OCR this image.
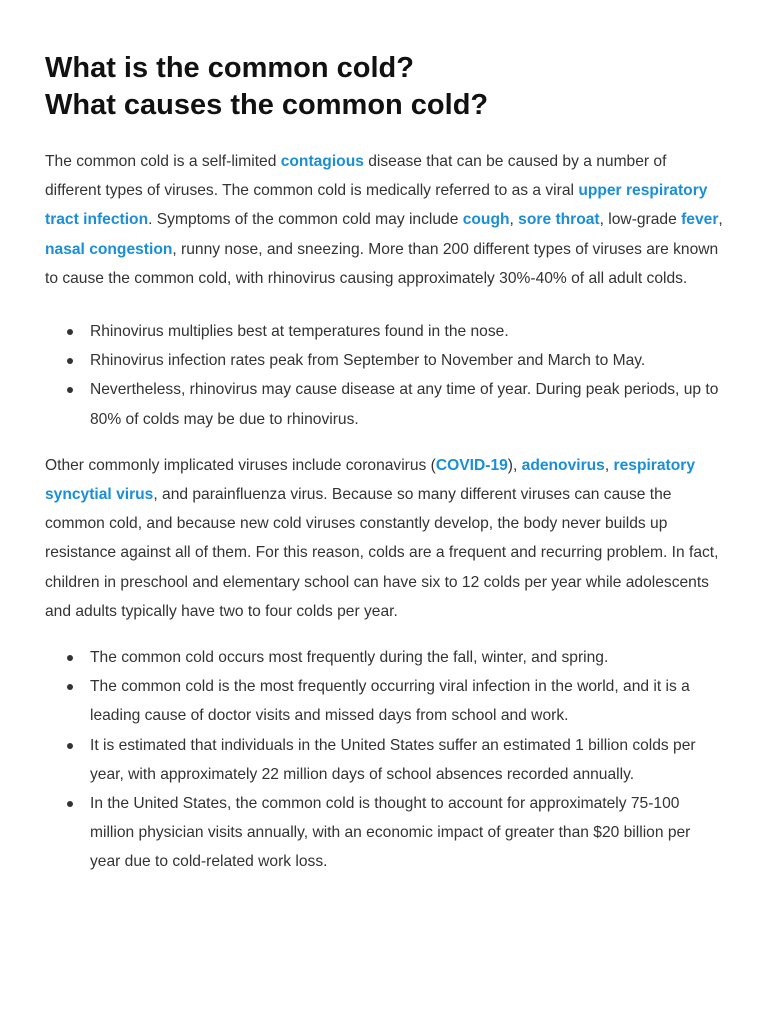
What is the common cold?
What causes the common cold?

The common cold is a self-limited contagious disease that can be caused by a number of different types of viruses. The common cold is medically referred to as a viral upper respiratory tract infection. Symptoms of the common cold may include cough, sore throat, low-grade fever, nasal congestion, runny nose, and sneezing. More than 200 different types of viruses are known to cause the common cold, with rhinovirus causing approximately 30%-40% of all adult colds.

Rhinovirus multiplies best at temperatures found in the nose.
Rhinovirus infection rates peak from September to November and March to May.
Nevertheless, rhinovirus may cause disease at any time of year. During peak periods, up to 80% of colds may be due to rhinovirus.

Other commonly implicated viruses include coronavirus (COVID-19), adenovirus, respiratory syncytial virus, and parainfluenza virus. Because so many different viruses can cause the common cold, and because new cold viruses constantly develop, the body never builds up resistance against all of them. For this reason, colds are a frequent and recurring problem. In fact, children in preschool and elementary school can have six to 12 colds per year while adolescents and adults typically have two to four colds per year.

The common cold occurs most frequently during the fall, winter, and spring.
The common cold is the most frequently occurring viral infection in the world, and it is a leading cause of doctor visits and missed days from school and work.
It is estimated that individuals in the United States suffer an estimated 1 billion colds per year, with approximately 22 million days of school absences recorded annually.
In the United States, the common cold is thought to account for approximately 75-100 million physician visits annually, with an economic impact of greater than $20 billion per year due to cold-related work loss.
